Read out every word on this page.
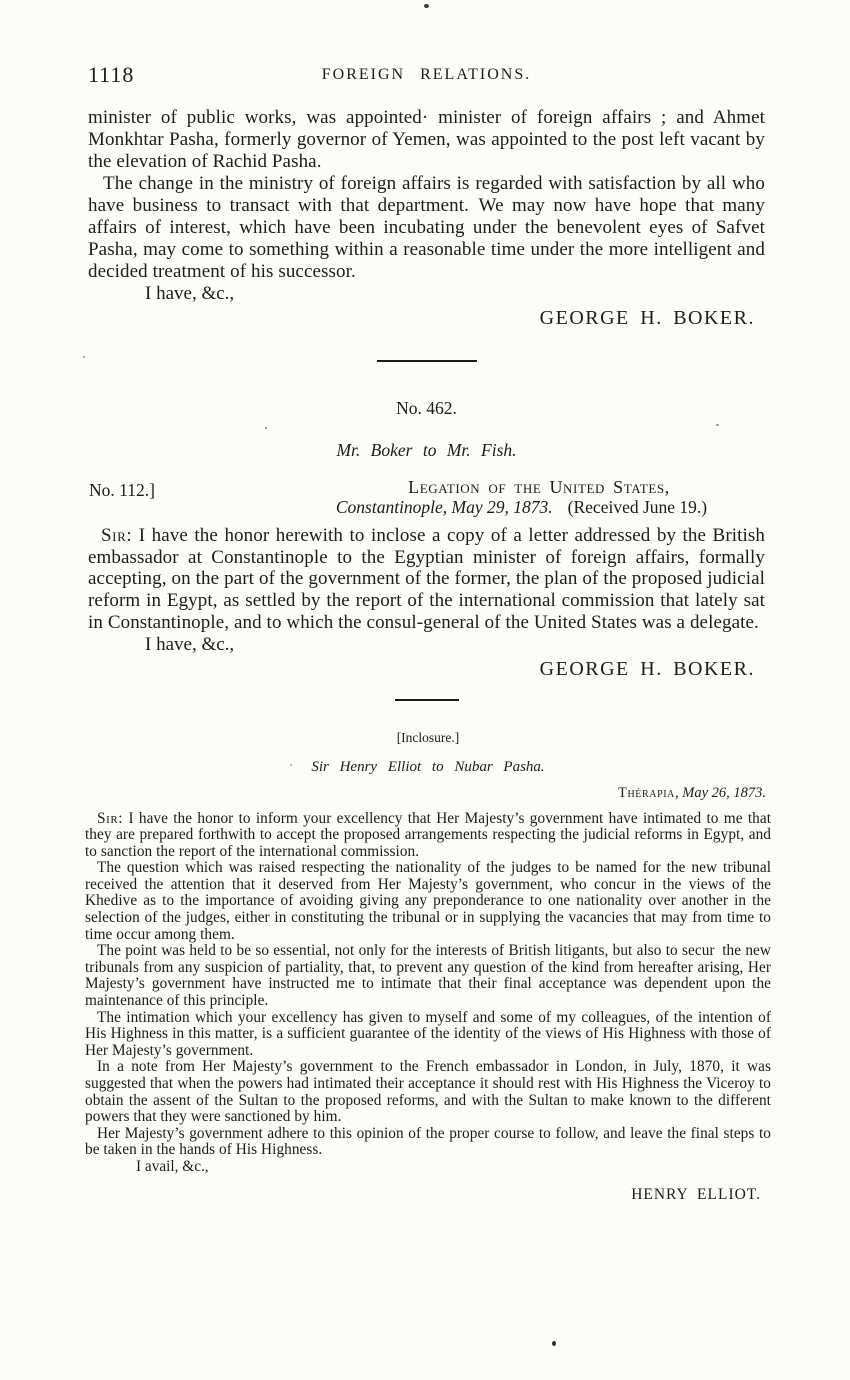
1118	FOREIGN RELATIONS.

minister of public works, was appointed· minister of foreign affairs ; and Ahmet Monkhtar Pasha, formerly governor of Yemen, was appointed to the post left vacant by the elevation of Rachid Pasha.

The change in the ministry of foreign affairs is regarded with satisfaction by all who have business to transact with that department. We may now have hope that many affairs of interest, which have been incubating under the benevolent eyes of Safvet Pasha, may come to something within a reasonable time under the more intelligent and decided treatment of his successor.

I have, &c.,

GEORGE H. BOKER.
No. 462.
Mr. Boker to Mr. Fish.
No. 112.]	Legation of the United States,
Constantinople, May 29, 1873. (Received June 19.)

Sir: I have the honor herewith to inclose a copy of a letter addressed by the British embassador at Constantinople to the Egyptian minister of foreign affairs, formally accepting, on the part of the government of the former, the plan of the proposed judicial reform in Egypt, as settled by the report of the international commission that lately sat in Constantinople, and to which the consul-general of the United States was a delegate.

I have, &c.,

GEORGE H. BOKER.
[Inclosure.]
Sir Henry Elliot to Nubar Pasha.
Thérapia, May 26, 1873.

Sir: I have the honor to inform your excellency that Her Majesty’s government have intimated to me that they are prepared forthwith to accept the proposed arrangements respecting the judicial reforms in Egypt, and to sanction the report of the international commission.

The question which was raised respecting the nationality of the judges to be named for the new tribunal received the attention that it deserved from Her Majesty’s government, who concur in the views of the Khedive as to the importance of avoiding giving any preponderance to one nationality over another in the selection of the judges, either in constituting the tribunal or in supplying the vacancies that may from time to time occur among them.

The point was held to be so essential, not only for the interests of British litigants, but also to secur the new tribunals from any suspicion of partiality, that, to prevent any question of the kind from hereafter arising, Her Majesty’s government have instructed me to intimate that their final acceptance was dependent upon the maintenance of this principle.

The intimation which your excellency has given to myself and some of my colleagues, of the intention of His Highness in this matter, is a sufficient guarantee of the identity of the views of His Highness with those of Her Majesty’s government.

In a note from Her Majesty’s government to the French embassador in London, in July, 1870, it was suggested that when the powers had intimated their acceptance it should rest with His Highness the Viceroy to obtain the assent of the Sultan to the proposed reforms, and with the Sultan to make known to the different powers that they were sanctioned by him.

Her Majesty’s government adhere to this opinion of the proper course to follow, and leave the final steps to be taken in the hands of His Highness.

I avail, &c.,

HENRY ELLIOT.
